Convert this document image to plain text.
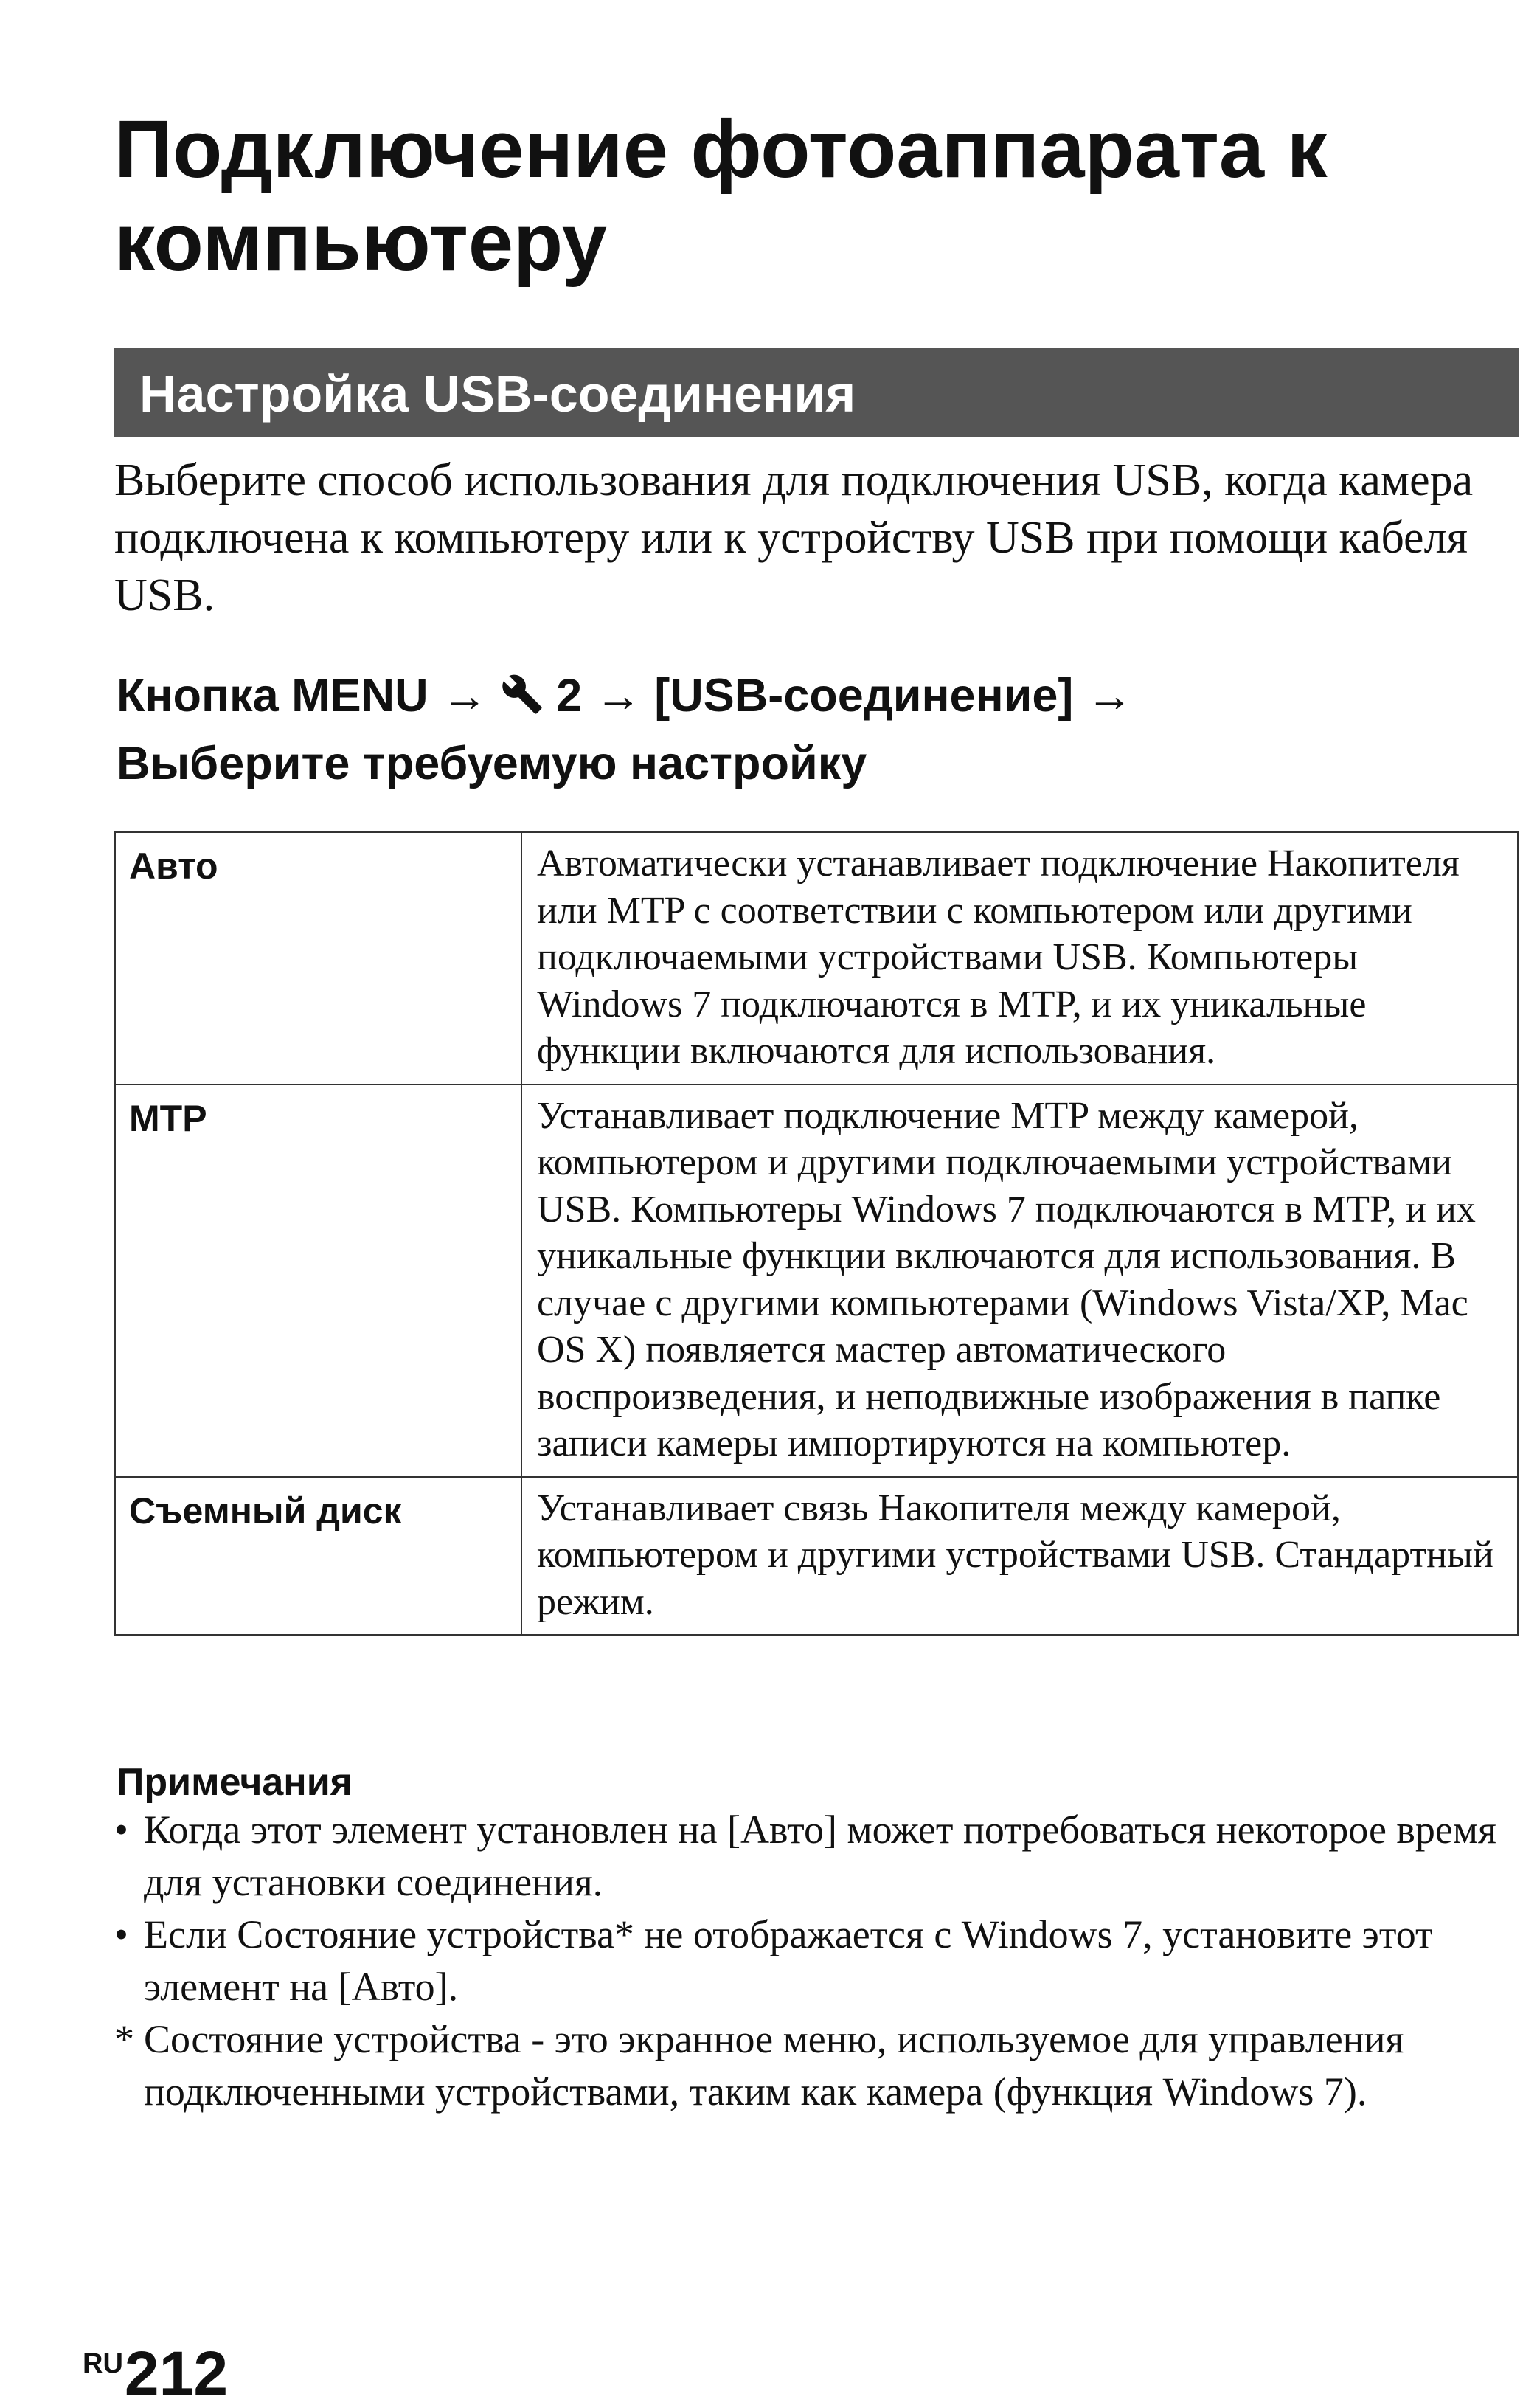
Подключение фотоаппарата к компьютеру
Настройка USB-соединения

Выберите способ использования для подключения USB, когда камера подключена к компьютеру или к устройству USB при помощи кабеля USB.

Кнопка MENU → 2 → [USB-соединение] →
Выберите требуемую настройку

Авто	Автоматически устанавливает подключение Накопителя или MTP с соответствии с компьютером или другими подключаемыми устройствами USB. Компьютеры Windows 7 подключаются в MTP, и их уникальные функции включаются для использования.
MTP	Устанавливает подключение MTP между камерой, компьютером и другими подключаемыми устройствами USB. Компьютеры Windows 7 подключаются в MTP, и их уникальные функции включаются для использования. В случае с другими компьютерами (Windows Vista/XP, Mac OS X) появляется мастер автоматического воспроизведения, и неподвижные изображения в папке записи камеры импортируются на компьютер.
Съемный диск	Устанавливает связь Накопителя между камерой, компьютером и другими устройствами USB. Стандартный режим.

Примечания

• Когда этот элемент установлен на [Авто] может потребоваться некоторое время для установки соединения.
• Если Состояние устройства* не отображается с Windows 7, установите этот элемент на [Авто].
* Состояние устройства - это экранное меню, используемое для управления подключенными устройствами, таким как камера (функция Windows 7).
RU212
